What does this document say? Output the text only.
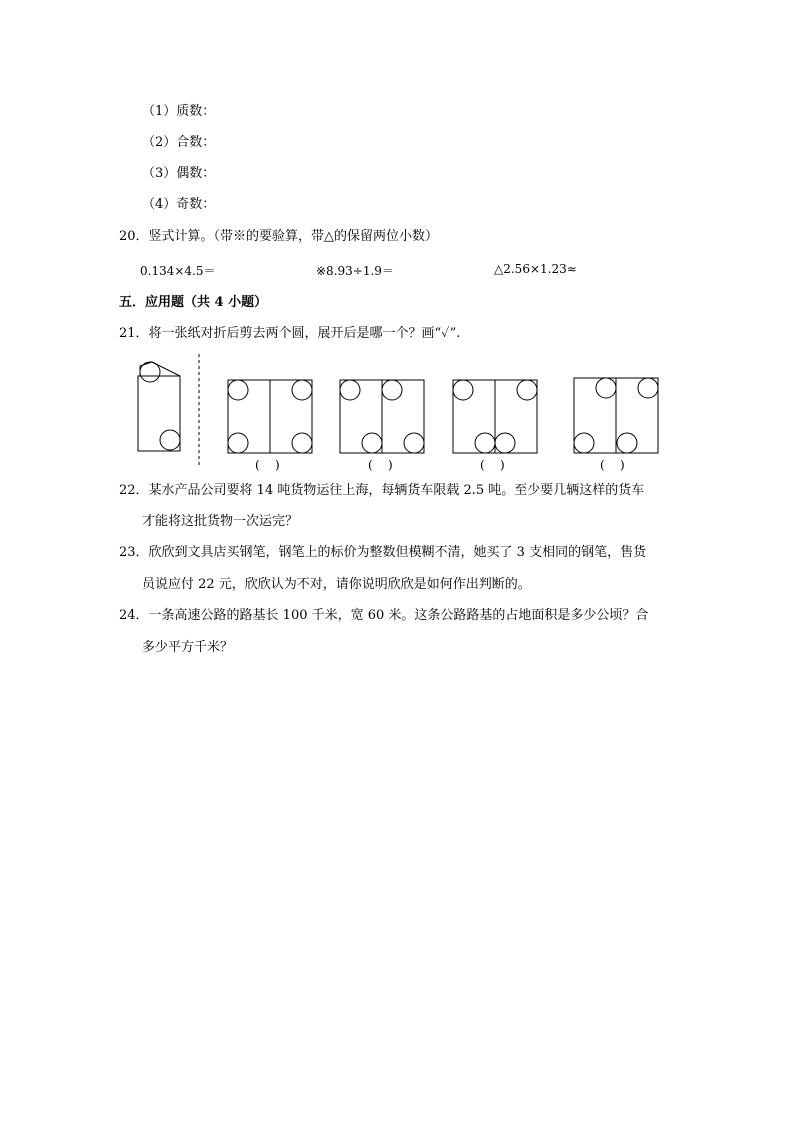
（1）质数：
（2）合数：
（3）偶数：
（4）奇数：
20．竖式计算。（带※的要验算，带△的保留两位小数）
0.134×4.5＝	※8.93÷1.9＝	△2.56×1.23≈
五．应用题（共 4 小题）
21．将一张纸对折后剪去两个圆，展开后是哪一个？画“✓”.
(    )	(    )	(    )	(    )
22．某水产品公司要将 14 吨货物运往上海，每辆货车限载 2.5 吨。至少要几辆这样的货车
才能将这批货物一次运完？
23．欣欣到文具店买钢笔，钢笔上的标价为整数但模糊不清，她买了 3 支相同的钢笔，售货
员说应付 22 元，欣欣认为不对，请你说明欣欣是如何作出判断的。
24．一条高速公路的路基长 100 千米，宽 60 米。这条公路路基的占地面积是多少公顷？合
多少平方千米？
